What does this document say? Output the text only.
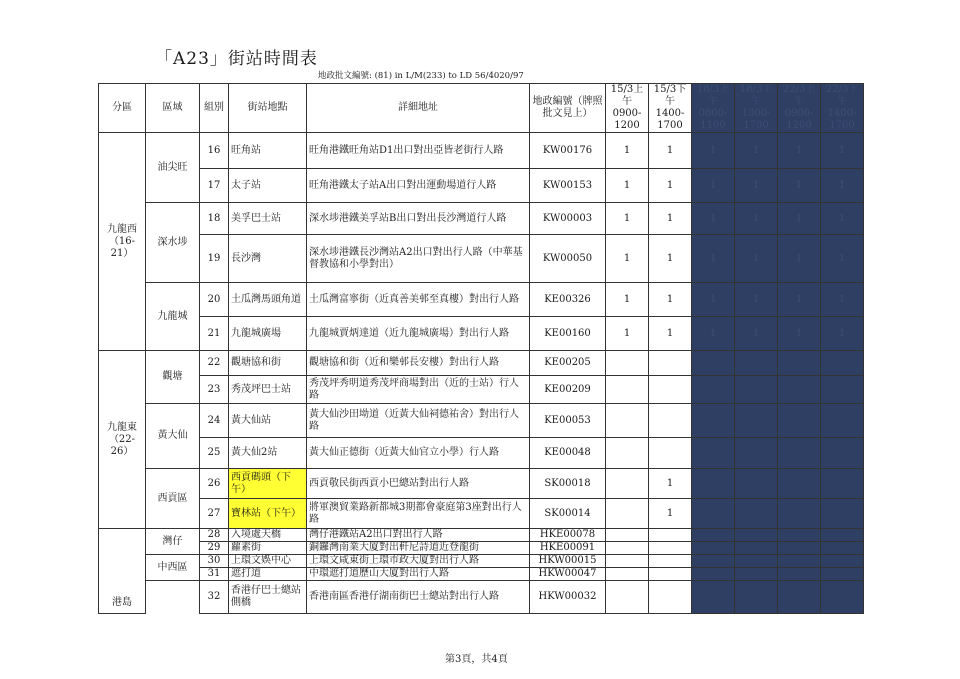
「A23」街站時間表
地政批文編號: (81) in L/M(233) to LD 56/4020/97
分區	區域	組別	街站地點	詳細地址	地政編號（牌照批文見上）	15/3上午0900-1200	15/3下午1400-1700	18/3上午0800-1100	18/3下午1300-1700	22/3上午0900-1200	22/3下午1400-1700
九龍西（16-21）	油尖旺	16	旺角站	旺角港鐵旺角站D1出口對出亞皆老街行人路	KW00176	1	1	1	1	1	1
		17	太子站	旺角港鐵太子站A出口對出運動場道行人路	KW00153	1	1	1	1	1	1
	深水埗	18	美孚巴士站	深水埗港鐵美孚站B出口對出長沙灣道行人路	KW00003	1	1	1	1	1	1
		19	長沙灣	深水埗港鐵長沙灣站A2出口對出行人路（中華基督教協和小學對出）	KW00050	1	1	1	1	1	1
	九龍城	20	土瓜灣馬頭角道	土瓜灣富寧街（近真善美邨至真樓）對出行人路	KE00326	1	1	1	1	1	1
		21	九龍城廣場	九龍城賈炳達道（近九龍城廣場）對出行人路	KE00160	1	1	1	1	1	1
九龍東（22-26）	觀塘	22	觀塘協和街	觀塘協和街（近和樂邨長安樓）對出行人路	KE00205						
		23	秀茂坪巴士站	秀茂坪秀明道秀茂坪商場對出（近的士站）行人路	KE00209						
	黃大仙	24	黃大仙站	黃大仙沙田坳道（近黃大仙祠德祐舍）對出行人路	KE00053						
		25	黃大仙2站	黃大仙正德街（近黃大仙官立小學）行人路	KE00048						
	西貢區	26	西貢碼頭（下午）	西貢敬民街西貢小巴總站對出行人路	SK00018		1				
		27	寶林站（下午）	將軍澳貿業路新都城3期都會豪庭第3座對出行人路	SK00014		1				
港島	灣仔	28	入境處天橋	灣仔港鐵站A2出口對出行人路	HKE00078						
		29	蘿素街	銅鑼灣南業大廈對出軒尼詩道近登龍街	HKE00091						
	中西區	30	上環文娛中心	上環文咸東街上環市政大廈對出行人路	HKW00015						
		31	遮打道	中環遮打道歷山大廈對出行人路	HKW00047						
		32	香港仔巴士總站側橋	香港南區香港仔湖南街巴士總站對出行人路	HKW00032						
第3頁，共4頁
